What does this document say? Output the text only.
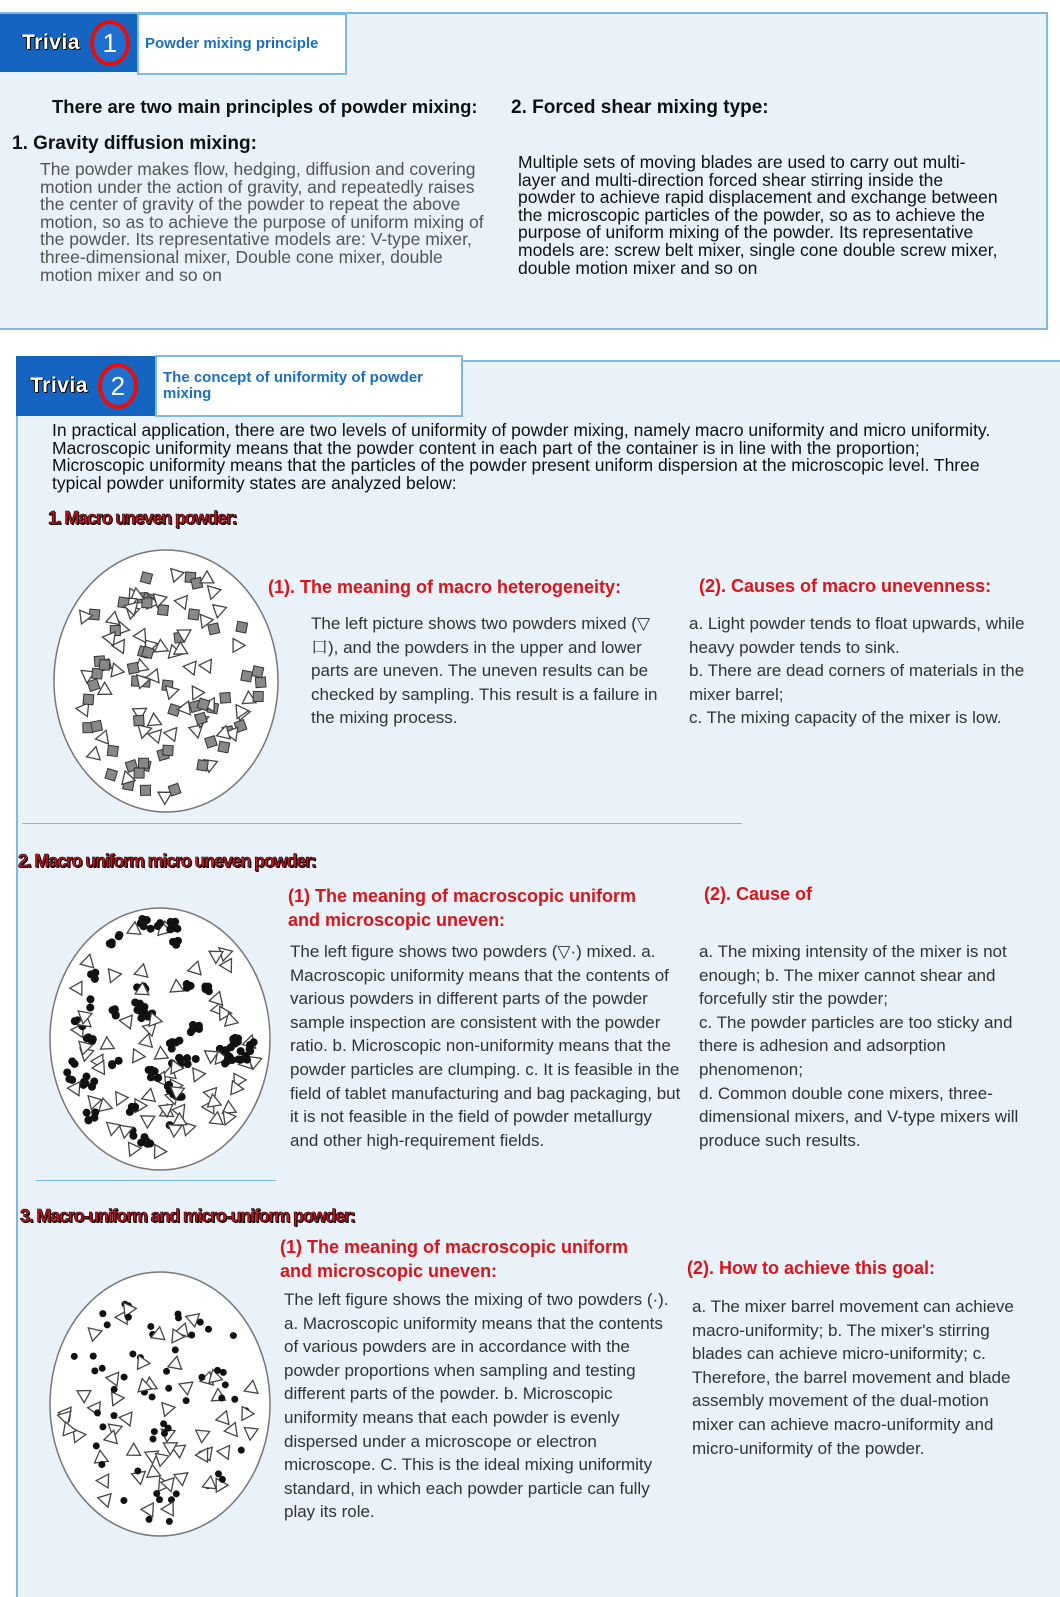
Trivia 1	Powder mixing principle
There are two main principles of powder mixing:
1. Gravity diffusion mixing:
The powder makes flow, hedging, diffusion and covering motion under the action of gravity, and repeatedly raises the center of gravity of the powder to repeat the above motion, so as to achieve the purpose of uniform mixing of the powder. Its representative models are: V-type mixer, three-dimensional mixer, Double cone mixer, double motion mixer and so on
2. Forced shear mixing type:
Multiple sets of moving blades are used to carry out multi-layer and multi-direction forced shear stirring inside the powder to achieve rapid displacement and exchange between the microscopic particles of the powder, so as to achieve the purpose of uniform mixing of the powder. Its representative models are: screw belt mixer, single cone double screw mixer, double motion mixer and so on
Trivia 2	The concept of uniformity of powder mixing
In practical application, there are two levels of uniformity of powder mixing, namely macro uniformity and micro uniformity. Macroscopic uniformity means that the powder content in each part of the container is in line with the proportion; Microscopic uniformity means that the particles of the powder present uniform dispersion at the microscopic level. Three typical powder uniformity states are analyzed below:
1. Macro uneven powder:
(1). The meaning of macro heterogeneity:
The left picture shows two powders mixed (▽口), and the powders in the upper and lower parts are uneven. The uneven results can be checked by sampling. This result is a failure in the mixing process.
(2). Causes of macro unevenness:
a. Light powder tends to float upwards, while heavy powder tends to sink.
b. There are dead corners of materials in the mixer barrel;
c. The mixing capacity of the mixer is low.
2. Macro uniform micro uneven powder:
(1) The meaning of macroscopic uniform and microscopic uneven:
The left figure shows two powders (▽·) mixed. a. Macroscopic uniformity means that the contents of various powders in different parts of the powder sample inspection are consistent with the powder ratio. b. Microscopic non-uniformity means that the powder particles are clumping. c. It is feasible in the field of tablet manufacturing and bag packaging, but it is not feasible in the field of powder metallurgy and other high-requirement fields.
(2). Cause of
a. The mixing intensity of the mixer is not enough; b. The mixer cannot shear and forcefully stir the powder;
c. The powder particles are too sticky and there is adhesion and adsorption phenomenon;
d. Common double cone mixers, three-dimensional mixers, and V-type mixers will produce such results.
3. Macro-uniform and micro-uniform powder:
(1) The meaning of macroscopic uniform and microscopic uneven:
The left figure shows the mixing of two powders (·). a. Macroscopic uniformity means that the contents of various powders are in accordance with the powder proportions when sampling and testing different parts of the powder. b. Microscopic uniformity means that each powder is evenly dispersed under a microscope or electron microscope. C. This is the ideal mixing uniformity standard, in which each powder particle can fully play its role.
(2). How to achieve this goal:
a. The mixer barrel movement can achieve macro-uniformity; b. The mixer's stirring blades can achieve micro-uniformity; c. Therefore, the barrel movement and blade assembly movement of the dual-motion mixer can achieve macro-uniformity and micro-uniformity of the powder.
